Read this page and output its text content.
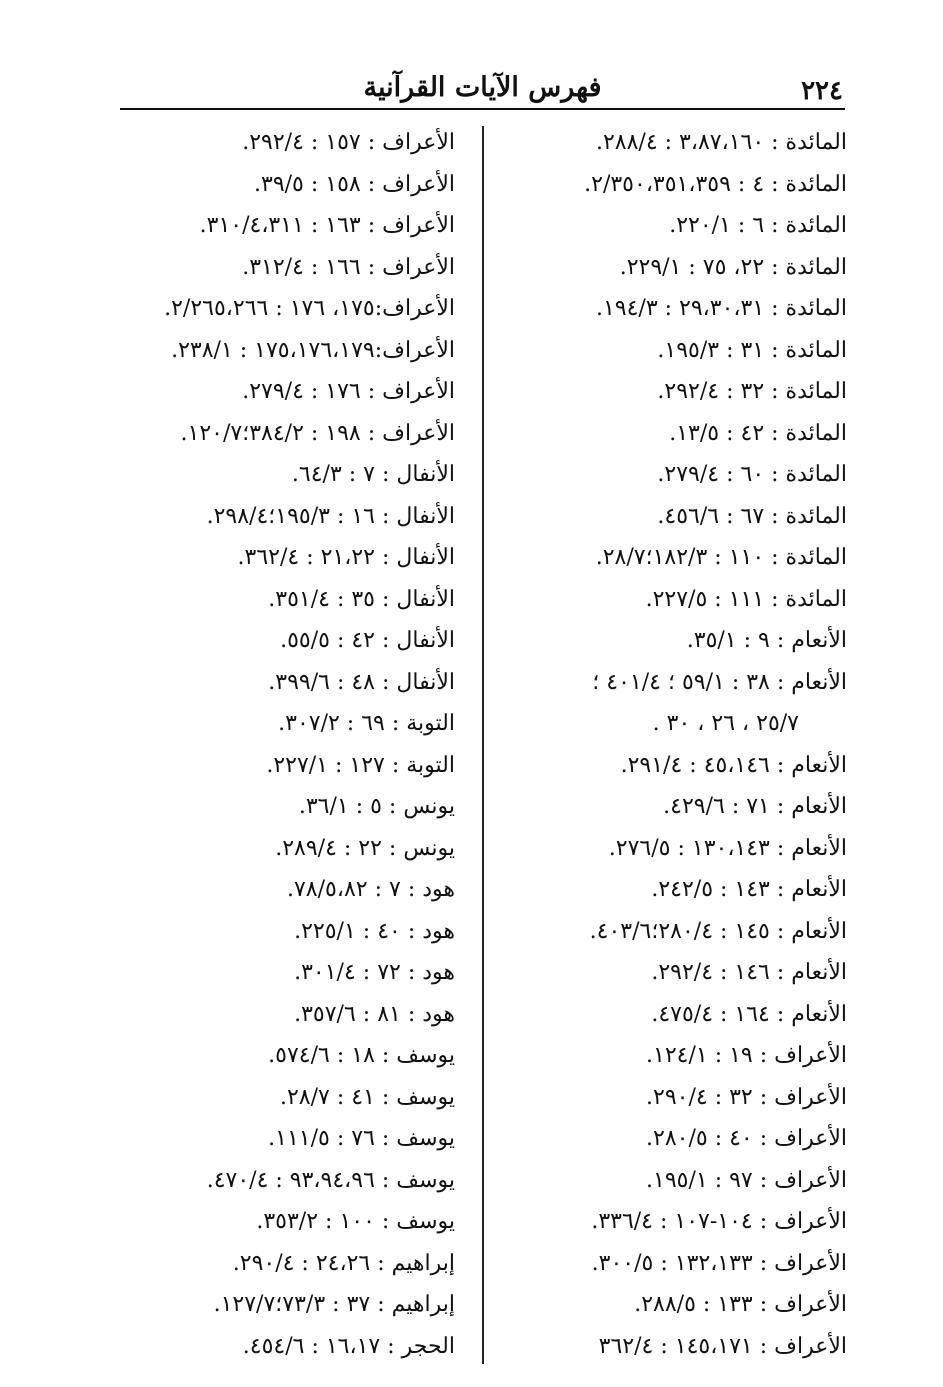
٢٢٤
فهرس الآيات القرآنية
المائدة : ٣،٨٧،١٦٠ : ٢٨٨/٤.
المائدة : ٤ : ٢/٣٥٠،٣٥١،٣٥٩.
المائدة : ٦ : ٢٢٠/١.
المائدة : ٢٢، ٧٥ : ٢٢٩/١.
المائدة : ٢٩،٣٠،٣١ : ١٩٤/٣.
المائدة : ٣١ : ١٩٥/٣.
المائدة : ٣٢ : ٢٩٢/٤.
المائدة : ٤٢ : ١٣/٥.
المائدة : ٦٠ : ٢٧٩/٤.
المائدة : ٦٧ : ٤٥٦/٦.
المائدة : ١١٠ : ١٨٢/٣؛٢٨/٧.
المائدة : ١١١ : ٢٢٧/٥.
الأنعام : ٩ : ٣٥/١.
الأنعام : ٣٨ : ٥٩/١ ؛ ٤٠١/٤ ؛
٢٥/٧ ، ٢٦ ، ٣٠ .
الأنعام : ٤٥،١٤٦ : ٢٩١/٤.
الأنعام : ٧١ : ٤٢٩/٦.
الأنعام : ١٣٠،١٤٣ : ٢٧٦/٥.
الأنعام : ١٤٣ : ٢٤٢/٥.
الأنعام : ١٤٥ : ٢٨٠/٤؛٤٠٣/٦.
الأنعام : ١٤٦ : ٢٩٢/٤.
الأنعام : ١٦٤ : ٤٧٥/٤.
الأعراف : ١٩ : ١٢٤/١.
الأعراف : ٣٢ : ٢٩٠/٤.
الأعراف : ٤٠ : ٢٨٠/٥.
الأعراف : ٩٧ : ١٩٥/١.
الأعراف : ١٠٤-١٠٧ : ٣٣٦/٤.
الأعراف : ١٣٢،١٣٣ : ٣٠٠/٥.
الأعراف : ١٣٣ : ٢٨٨/٥.
الأعراف : ١٤٥،١٧١ : ٣٦٢/٤
الأعراف : ١٥٧ : ٢٩٢/٤.
الأعراف : ١٥٨ : ٣٩/٥.
الأعراف : ١٦٣ : ٣١٠/٤،٣١١.
الأعراف : ١٦٦ : ٣١٢/٤.
الأعراف:١٧٥، ١٧٦ : ٢/٢٦٥،٢٦٦.
الأعراف:١٧٥،١٧٦،١٧٩ : ٢٣٨/١.
الأعراف : ١٧٦ : ٢٧٩/٤.
الأعراف : ١٩٨ : ٣٨٤/٢؛١٢٠/٧.
الأنفال : ٧ : ٦٤/٣.
الأنفال : ١٦ : ١٩٥/٣؛٢٩٨/٤.
الأنفال : ٢١،٢٢ : ٣٦٢/٤.
الأنفال : ٣٥ : ٣٥١/٤.
الأنفال : ٤٢ : ٥٥/٥.
الأنفال : ٤٨ : ٣٩٩/٦.
التوبة : ٦٩ : ٣٠٧/٢.
التوبة : ١٢٧ : ٢٢٧/١.
يونس : ٥ : ٣٦/١.
يونس : ٢٢ : ٢٨٩/٤.
هود : ٧ : ٧٨/٥،٨٢.
هود : ٤٠ : ٢٢٥/١.
هود : ٧٢ : ٣٠١/٤.
هود : ٨١ : ٣٥٧/٦.
يوسف : ١٨ : ٥٧٤/٦.
يوسف : ٤١ : ٢٨/٧.
يوسف : ٧٦ : ١١١/٥.
يوسف : ٩٣،٩٤،٩٦ : ٤٧٠/٤.
يوسف : ١٠٠ : ٣٥٣/٢.
إبراهيم : ٢٤،٢٦ : ٢٩٠/٤.
إبراهيم : ٣٧ : ٧٣/٣؛١٢٧/٧.
الحجر : ١٦،١٧ : ٤٥٤/٦.
